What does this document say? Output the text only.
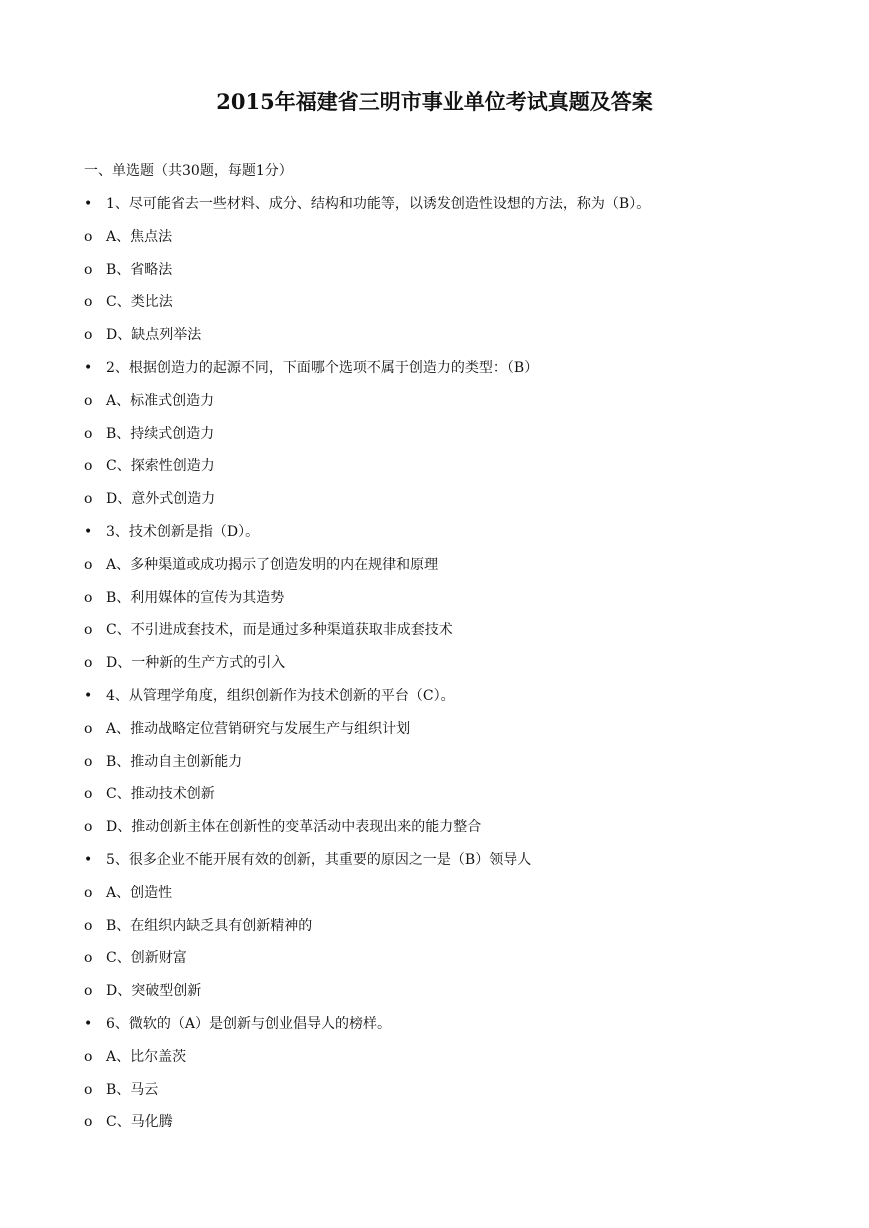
2015年福建省三明市事业单位考试真题及答案
一、单选题（共30题，每题1分）
• 1、尽可能省去一些材料、成分、结构和功能等，以诱发创造性设想的方法，称为（B）。
o A、焦点法
o B、省略法
o C、类比法
o D、缺点列举法
• 2、根据创造力的起源不同，下面哪个选项不属于创造力的类型：（B）
o A、标准式创造力
o B、持续式创造力
o C、探索性创造力
o D、意外式创造力
• 3、技术创新是指（D）。
o A、多种渠道或成功揭示了创造发明的内在规律和原理
o B、利用媒体的宣传为其造势
o C、不引进成套技术，而是通过多种渠道获取非成套技术
o D、一种新的生产方式的引入
• 4、从管理学角度，组织创新作为技术创新的平台（C）。
o A、推动战略定位营销研究与发展生产与组织计划
o B、推动自主创新能力
o C、推动技术创新
o D、推动创新主体在创新性的变革活动中表现出来的能力整合
• 5、很多企业不能开展有效的创新，其重要的原因之一是（B）领导人
o A、创造性
o B、在组织内缺乏具有创新精神的
o C、创新财富
o D、突破型创新
• 6、微软的（A）是创新与创业倡导人的榜样。
o A、比尔盖茨
o B、马云
o C、马化腾
